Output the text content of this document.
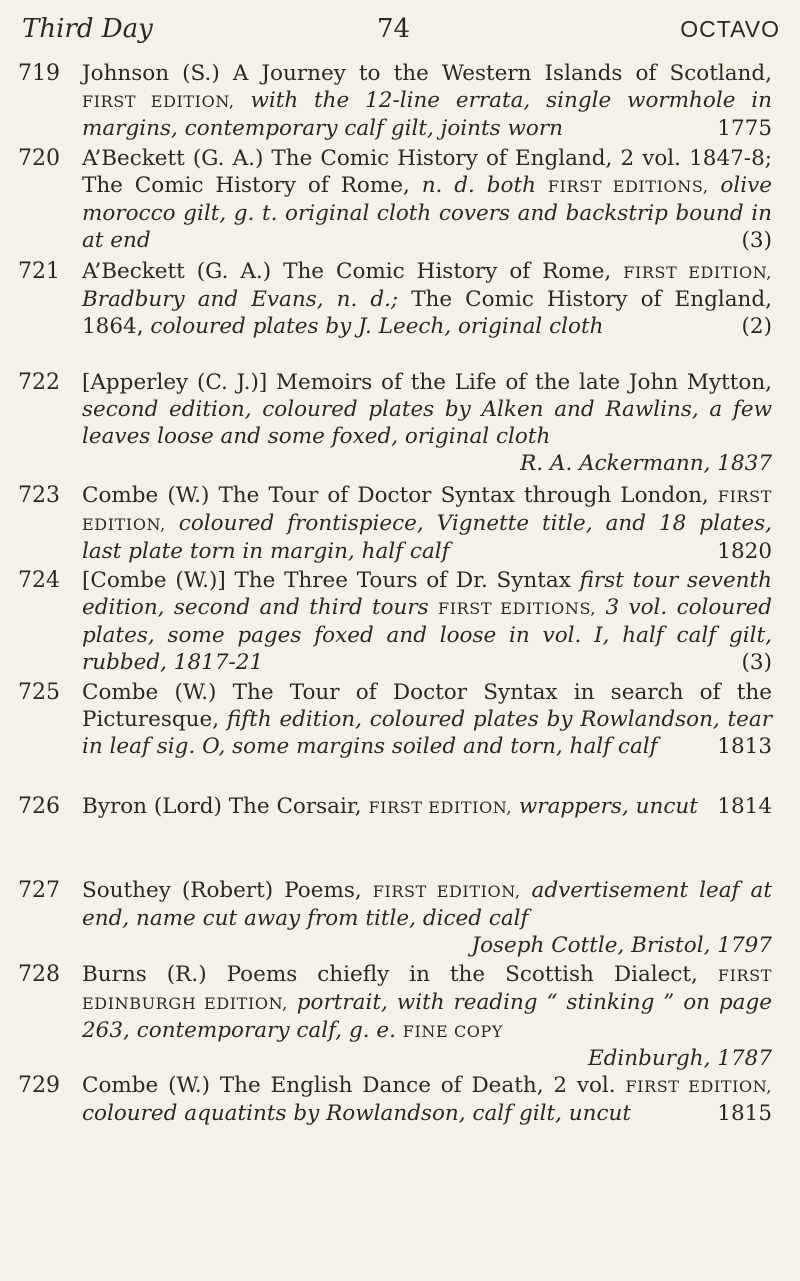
Third Day	74	OCTAVO
719	Johnson (S.) A Journey to the Western Islands of Scotland, FIRST EDITION, with the 12-line errata, single wormhole in margins, contemporary calf gilt, joints worn	1775
720	A’Beckett (G. A.) The Comic History of England, 2 vol. 1847-8; The Comic History of Rome, n. d. both FIRST EDITIONS, olive morocco gilt, g. t. original cloth covers and backstrip bound in at end	(3)
721	A’Beckett (G. A.) The Comic History of Rome, FIRST EDITION, Bradbury and Evans, n. d.; The Comic History of England, 1864, coloured plates by J. Leech, original cloth	(2)
722	[Apperley (C. J.)] Memoirs of the Life of the late John Mytton, second edition, coloured plates by Alken and Rawlins, a few leaves loose and some foxed, original cloth
R. A. Ackermann, 1837
723	Combe (W.) The Tour of Doctor Syntax through London, FIRST EDITION, coloured frontispiece, Vignette title, and 18 plates, last plate torn in margin, half calf	1820
724	[Combe (W.)] The Three Tours of Dr. Syntax first tour seventh edition, second and third tours FIRST EDITIONS, 3 vol. coloured plates, some pages foxed and loose in vol. I, half calf gilt, rubbed, 1817-21	(3)
725	Combe (W.) The Tour of Doctor Syntax in search of the Picturesque, fifth edition, coloured plates by Rowlandson, tear in leaf sig. O, some margins soiled and torn, half calf	1813
726	Byron (Lord) The Corsair, FIRST EDITION, wrappers, uncut 1814
727	Southey (Robert) Poems, FIRST EDITION, advertisement leaf at end, name cut away from title, diced calf
Joseph Cottle, Bristol, 1797
728	Burns (R.) Poems chiefly in the Scottish Dialect, FIRST EDINBURGH EDITION, portrait, with reading “ stinking ” on page 263, contemporary calf, g. e. FINE COPY
Edinburgh, 1787
729	Combe (W.) The English Dance of Death, 2 vol. FIRST EDITION, coloured aquatints by Rowlandson, calf gilt, uncut	1815
